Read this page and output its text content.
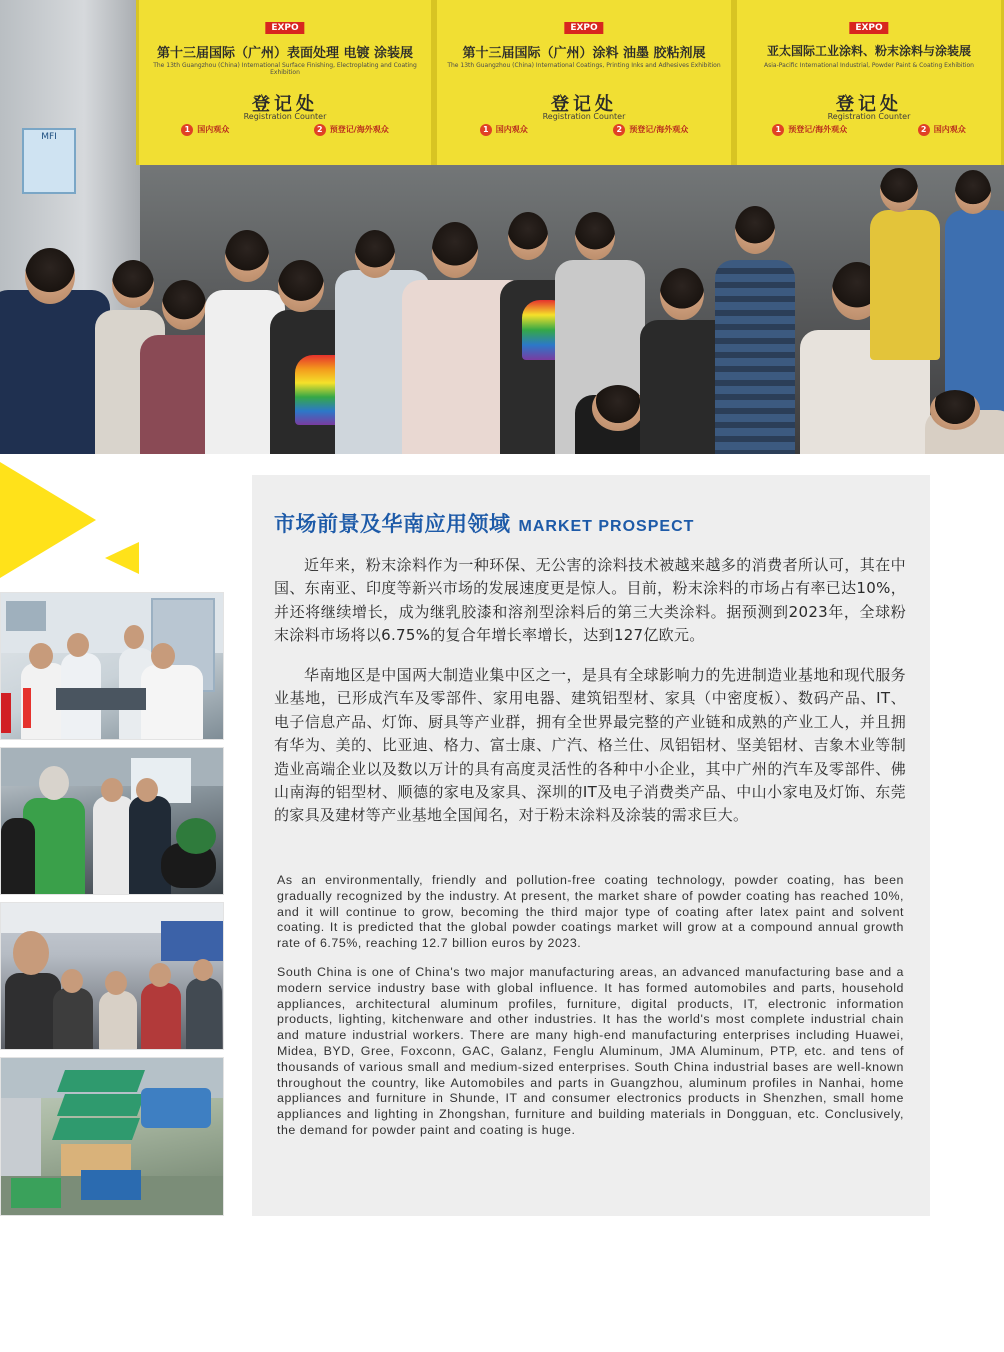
MFI
EXPO
第十三届国际（广州）表面处理 电镀 涂装展
The 13th Guangzhou (China) International Surface Finishing, Electroplating and Coating Exhibition
登记处
Registration Counter
1 国内观众	2 预登记/海外观众
EXPO
第十三届国际（广州）涂料 油墨 胶粘剂展
The 13th Guangzhou (China) International Coatings, Printing Inks and Adhesives Exhibition
登记处
Registration Counter
1 国内观众	2 预登记/海外观众
EXPO
亚太国际工业涂料、粉末涂料与涂装展
Asia-Pacific International Industrial, Powder Paint & Coating Exhibition
登记处
Registration Counter
1 预登记/海外观众	2 国内观众
市场前景及华南应用领域 MARKET PROSPECT

近年来，粉末涂料作为一种环保、无公害的涂料技术被越来越多的消费者所认可，其在中国、东南亚、印度等新兴市场的发展速度更是惊人。目前，粉末涂料的市场占有率已达10%，并还将继续增长，成为继乳胶漆和溶剂型涂料后的第三大类涂料。据预测到2023年，全球粉末涂料市场将以6.75%的复合年增长率增长，达到127亿欧元。

华南地区是中国两大制造业集中区之一，是具有全球影响力的先进制造业基地和现代服务业基地，已形成汽车及零部件、家用电器、建筑铝型材、家具（中密度板）、数码产品、IT、电子信息产品、灯饰、厨具等产业群，拥有全世界最完整的产业链和成熟的产业工人，并且拥有华为、美的、比亚迪、格力、富士康、广汽、格兰仕、凤铝铝材、坚美铝材、吉象木业等制造业高端企业以及数以万计的具有高度灵活性的各种中小企业，其中广州的汽车及零部件、佛山南海的铝型材、顺德的家电及家具、深圳的IT及电子消费类产品、中山小家电及灯饰、东莞的家具及建材等产业基地全国闻名，对于粉末涂料及涂装的需求巨大。

As an environmentally, friendly and pollution-free coating technology, powder coating, has been gradually recognized by the industry. At present, the market share of powder coating has reached 10%, and it will continue to grow, becoming the third major type of coating after latex paint and solvent coating. It is predicted that the global powder coatings market will grow at a compound annual growth rate of 6.75%, reaching 12.7 billion euros by 2023.

South China is one of China's two major manufacturing areas, an advanced manufacturing base and a modern service industry base with global influence. It has formed automobiles and parts, household appliances, architectural aluminum profiles, furniture, digital products, IT, electronic information products, lighting, kitchenware and other industries. It has the world's most complete industrial chain and mature industrial workers. There are many high-end manufacturing enterprises including Huawei, Midea, BYD, Gree, Foxconn, GAC, Galanz, Fenglu Aluminum, JMA Aluminum, PTP, etc. and tens of thousands of various small and medium-sized enterprises. South China industrial bases are well-known throughout the country, like Automobiles and parts in Guangzhou, aluminum profiles in Nanhai, home appliances and furniture in Shunde, IT and consumer electronics products in Shenzhen, small home appliances and lighting in Zhongshan, furniture and building materials in Dongguan, etc. Conclusively, the demand for powder paint and coating is huge.
